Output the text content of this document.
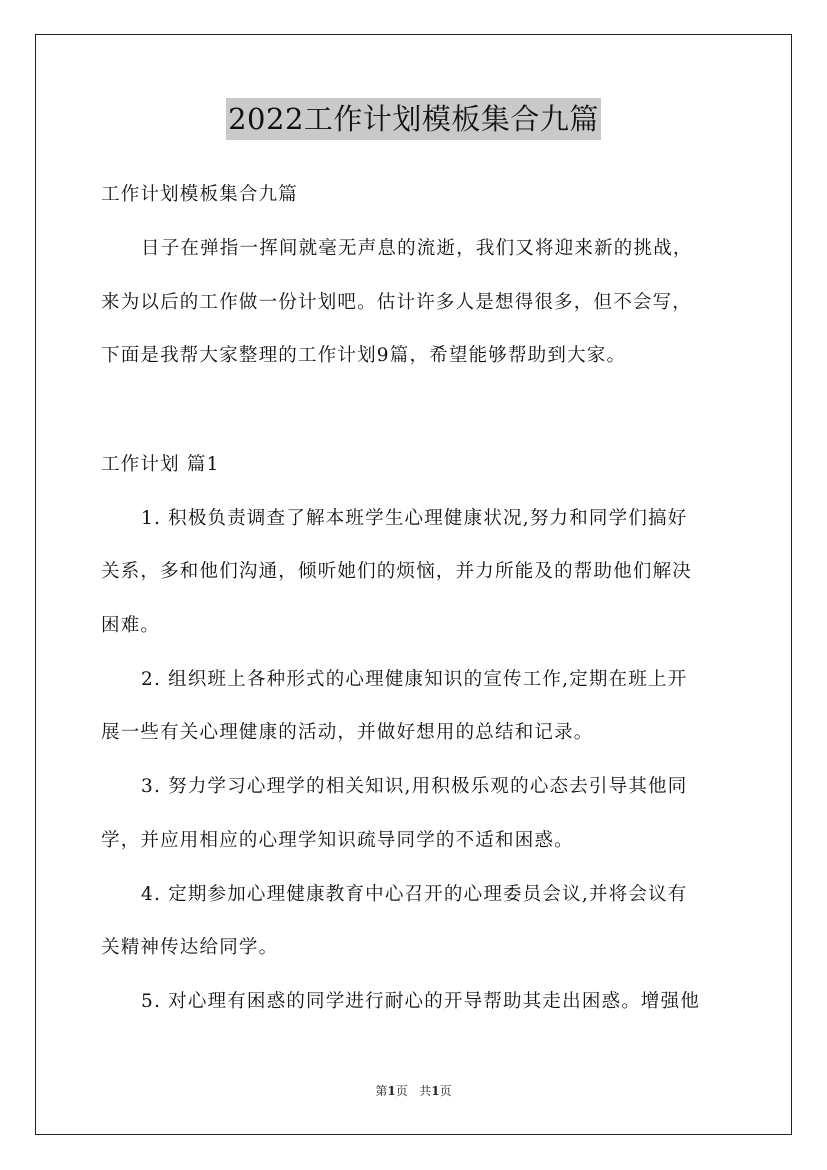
2022工作计划模板集合九篇
工作计划模板集合九篇
日子在弹指一挥间就毫无声息的流逝，我们又将迎来新的挑战，
来为以后的工作做一份计划吧。估计许多人是想得很多，但不会写，
下面是我帮大家整理的工作计划9篇，希望能够帮助到大家。
工作计划 篇1
1. 积极负责调查了解本班学生心理健康状况,努力和同学们搞好
关系，多和他们沟通，倾听她们的烦恼，并力所能及的帮助他们解决
困难。
2. 组织班上各种形式的心理健康知识的宣传工作,定期在班上开
展一些有关心理健康的活动，并做好想用的总结和记录。
3. 努力学习心理学的相关知识,用积极乐观的心态去引导其他同
学，并应用相应的心理学知识疏导同学的不适和困惑。
4. 定期参加心理健康教育中心召开的心理委员会议,并将会议有
关精神传达给同学。
5. 对心理有困惑的同学进行耐心的开导帮助其走出困惑。增强他
第1页 共1页
